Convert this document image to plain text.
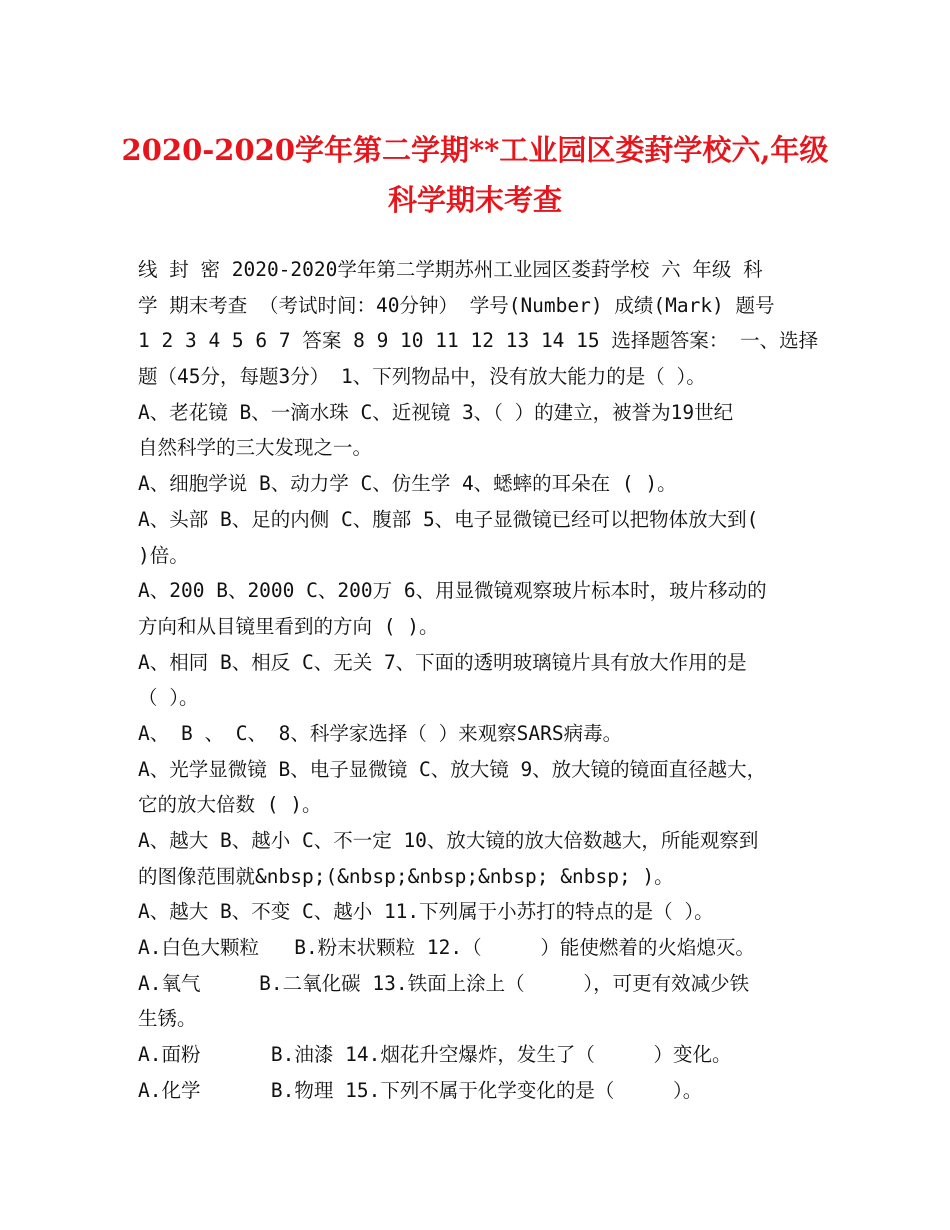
2020-2020学年第二学期**工业园区娄葑学校六,年级
科学期末考查
线 封 密 2020-2020学年第二学期苏州工业园区娄葑学校 六 年级 科
学 期末考查 （考试时间：40分钟） 学号(Number) 成绩(Mark) 题号
1 2 3 4 5 6 7 答案 8 9 10 11 12 13 14 15 选择题答案： 一、选择
题（45分，每题3分） 1、下列物品中，没有放大能力的是（ ）。
A、老花镜 B、一滴水珠 C、近视镜 3、（ ）的建立，被誉为19世纪
自然科学的三大发现之一。
A、细胞学说 B、动力学 C、仿生学 4、蟋蟀的耳朵在 ( )。
A、头部 B、足的内侧 C、腹部 5、电子显微镜已经可以把物体放大到(
)倍。
A、200 B、2000 C、200万 6、用显微镜观察玻片标本时，玻片移动的
方向和从目镜里看到的方向 ( )。
A、相同 B、相反 C、无关 7、下面的透明玻璃镜片具有放大作用的是
（ ）。
A、 B 、 C、 8、科学家选择（ ）来观察SARS病毒。
A、光学显微镜 B、电子显微镜 C、放大镜 9、放大镜的镜面直径越大，
它的放大倍数 ( )。
A、越大 B、越小 C、不一定 10、放大镜的放大倍数越大，所能观察到
的图像范围就&nbsp;(&nbsp;&nbsp;&nbsp; &nbsp; )。
A、越大 B、不变 C、越小 11.下列属于小苏打的特点的是（ ）。
A.白色大颗粒   B.粉末状颗粒 12.（     ）能使燃着的火焰熄灭。
A.氧气     B.二氧化碳 13.铁面上涂上（     ），可更有效减少铁
生锈。
A.面粉      B.油漆 14.烟花升空爆炸，发生了（     ）变化。
A.化学      B.物理 15.下列不属于化学变化的是（     ）。
